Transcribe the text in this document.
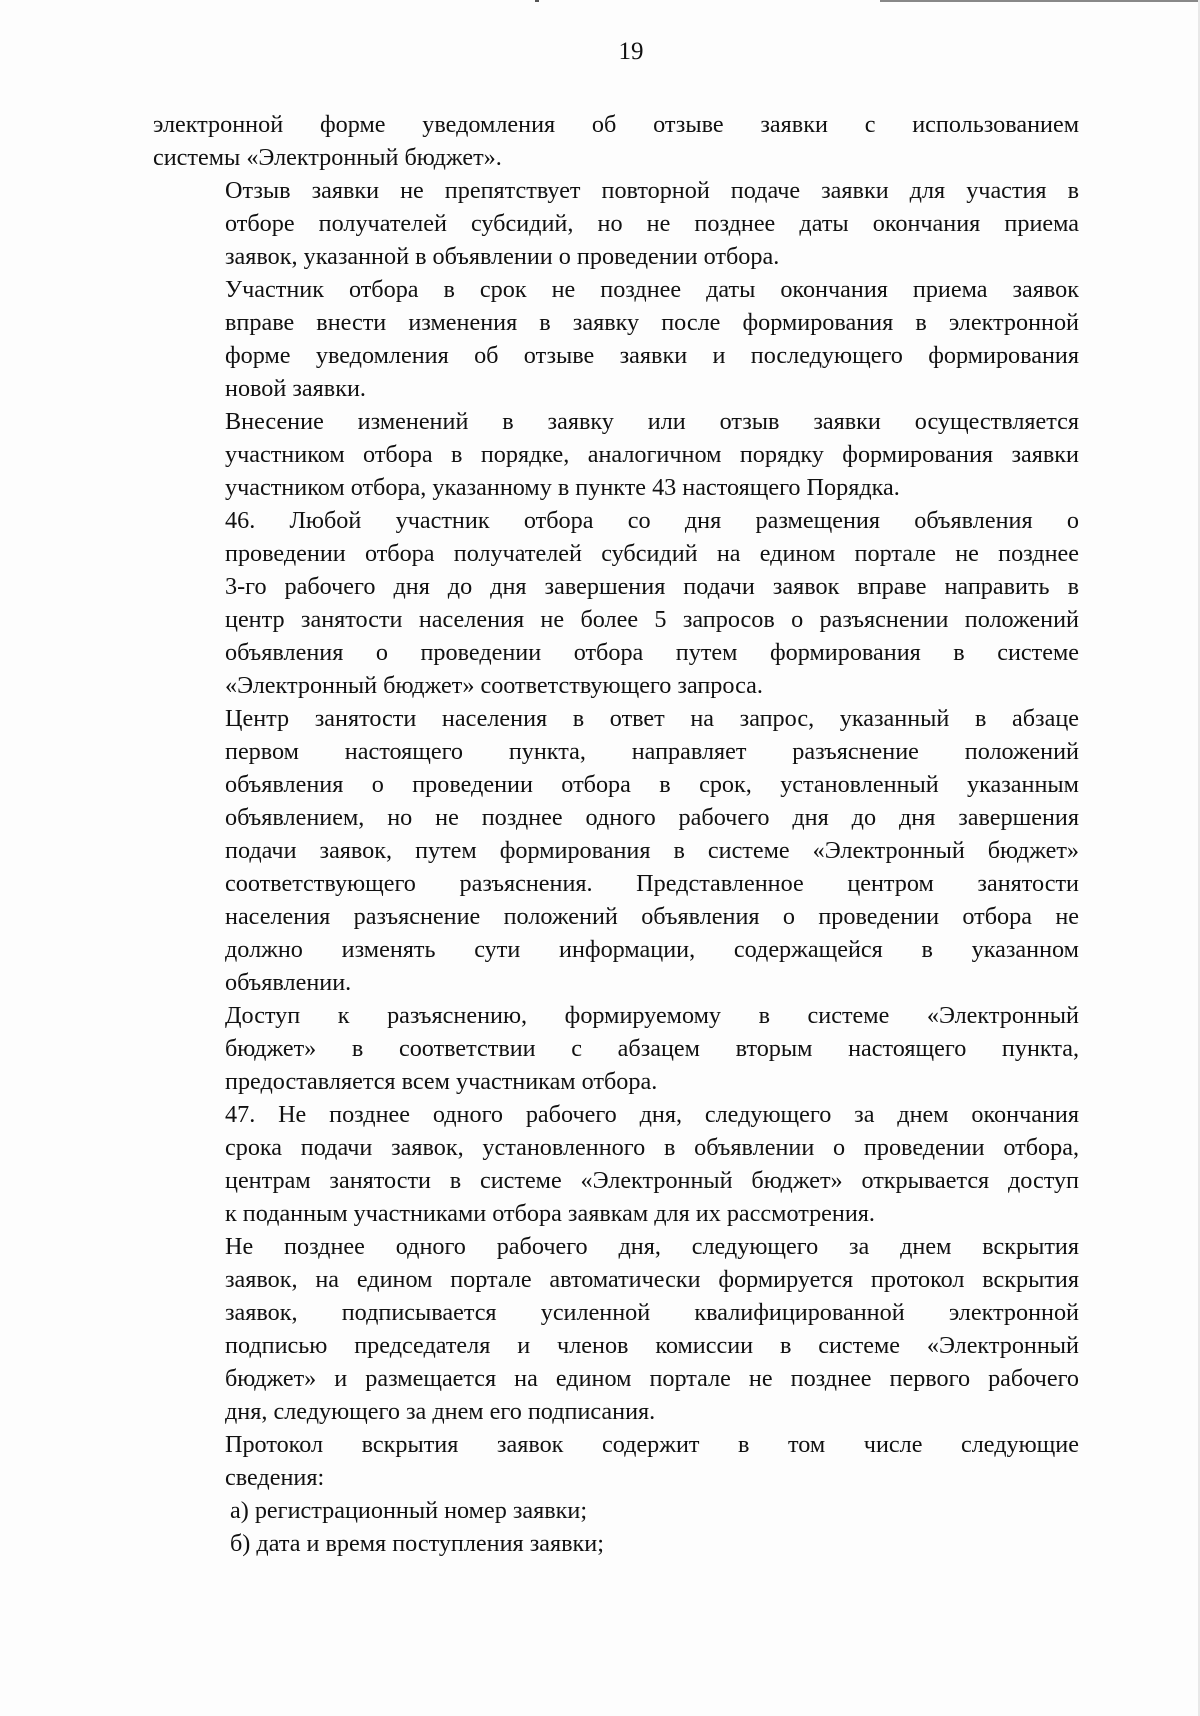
19
электронной форме уведомления об отзыве заявки с использованием
системы «Электронный бюджет».
Отзыв заявки не препятствует повторной подаче заявки для участия в
отборе получателей субсидий, но не позднее даты окончания приема
заявок, указанной в объявлении о проведении отбора.
Участник отбора в срок не позднее даты окончания приема заявок
вправе внести изменения в заявку после формирования в электронной
форме уведомления об отзыве заявки и последующего формирования
новой заявки.
Внесение изменений в заявку или отзыв заявки осуществляется
участником отбора в порядке, аналогичном порядку формирования заявки
участником отбора, указанному в пункте 43 настоящего Порядка.
46. Любой участник отбора со дня размещения объявления о
проведении отбора получателей субсидий на едином портале не позднее
3-го рабочего дня до дня завершения подачи заявок вправе направить в
центр занятости населения не более 5 запросов о разъяснении положений
объявления о проведении отбора путем формирования в системе
«Электронный бюджет» соответствующего запроса.
Центр занятости населения в ответ на запрос, указанный в абзаце
первом настоящего пункта, направляет разъяснение положений
объявления о проведении отбора в срок, установленный указанным
объявлением, но не позднее одного рабочего дня до дня завершения
подачи заявок, путем формирования в системе «Электронный бюджет»
соответствующего разъяснения. Представленное центром занятости
населения разъяснение положений объявления о проведении отбора не
должно изменять сути информации, содержащейся в указанном
объявлении.
Доступ к разъяснению, формируемому в системе «Электронный
бюджет» в соответствии с абзацем вторым настоящего пункта,
предоставляется всем участникам отбора.
47. Не позднее одного рабочего дня, следующего за днем окончания
срока подачи заявок, установленного в объявлении о проведении отбора,
центрам занятости в системе «Электронный бюджет» открывается доступ
к поданным участниками отбора заявкам для их рассмотрения.
Не позднее одного рабочего дня, следующего за днем вскрытия
заявок, на едином портале автоматически формируется протокол вскрытия
заявок, подписывается усиленной квалифицированной электронной
подписью председателя и членов комиссии в системе «Электронный
бюджет» и размещается на едином портале не позднее первого рабочего
дня, следующего за днем его подписания.
Протокол вскрытия заявок содержит в том числе следующие
сведения:
а) регистрационный номер заявки;
б) дата и время поступления заявки;
